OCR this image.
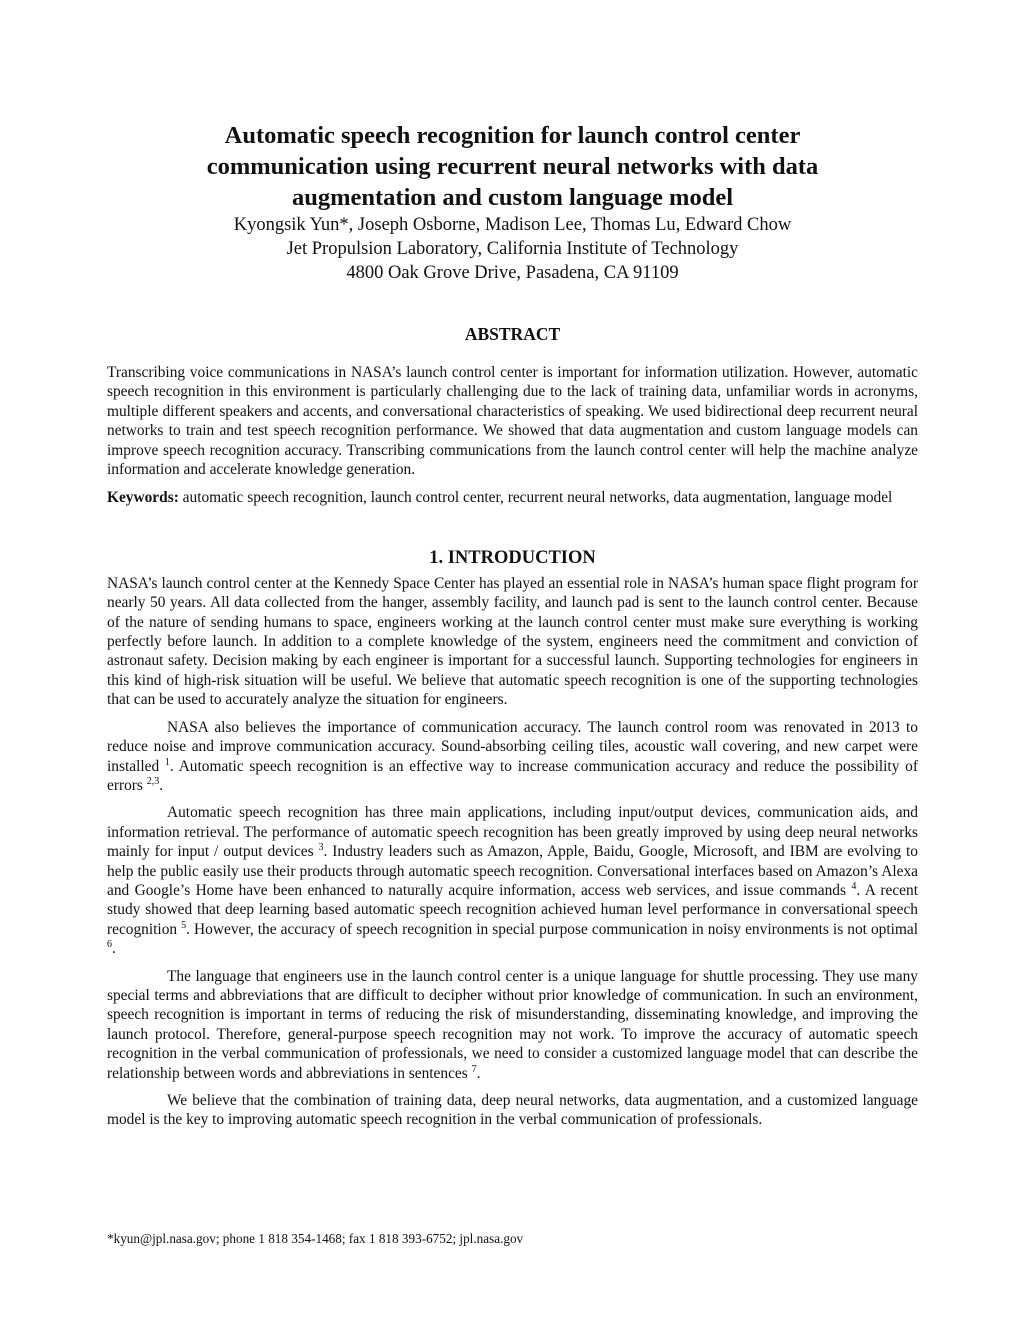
Automatic speech recognition for launch control center
communication using recurrent neural networks with data
augmentation and custom language model
Kyongsik Yun*, Joseph Osborne, Madison Lee, Thomas Lu, Edward Chow
Jet Propulsion Laboratory, California Institute of Technology
4800 Oak Grove Drive, Pasadena, CA 91109
ABSTRACT

Transcribing voice communications in NASA’s launch control center is important for information utilization. However, automatic speech recognition in this environment is particularly challenging due to the lack of training data, unfamiliar words in acronyms, multiple different speakers and accents, and conversational characteristics of speaking. We used bidirectional deep recurrent neural networks to train and test speech recognition performance. We showed that data augmentation and custom language models can improve speech recognition accuracy. Transcribing communications from the launch control center will help the machine analyze information and accelerate knowledge generation.

Keywords: automatic speech recognition, launch control center, recurrent neural networks, data augmentation, language model

1. INTRODUCTION

NASA’s launch control center at the Kennedy Space Center has played an essential role in NASA’s human space flight program for nearly 50 years. All data collected from the hanger, assembly facility, and launch pad is sent to the launch control center. Because of the nature of sending humans to space, engineers working at the launch control center must make sure everything is working perfectly before launch. In addition to a complete knowledge of the system, engineers need the commitment and conviction of astronaut safety. Decision making by each engineer is important for a successful launch. Supporting technologies for engineers in this kind of high-risk situation will be useful. We believe that automatic speech recognition is one of the supporting technologies that can be used to accurately analyze the situation for engineers.

NASA also believes the importance of communication accuracy. The launch control room was renovated in 2013 to reduce noise and improve communication accuracy. Sound-absorbing ceiling tiles, acoustic wall covering, and new carpet were installed $^1$. Automatic speech recognition is an effective way to increase communication accuracy and reduce the possibility of errors $^{2,3}$.

Automatic speech recognition has three main applications, including input/output devices, communication aids, and information retrieval. The performance of automatic speech recognition has been greatly improved by using deep neural networks mainly for input / output devices $^3$. Industry leaders such as Amazon, Apple, Baidu, Google, Microsoft, and IBM are evolving to help the public easily use their products through automatic speech recognition. Conversational interfaces based on Amazon’s Alexa and Google’s Home have been enhanced to naturally acquire information, access web services, and issue commands $^4$. A recent study showed that deep learning based automatic speech recognition achieved human level performance in conversational speech recognition $^5$. However, the accuracy of speech recognition in special purpose communication in noisy environments is not optimal $^6$.

The language that engineers use in the launch control center is a unique language for shuttle processing. They use many special terms and abbreviations that are difficult to decipher without prior knowledge of communication. In such an environment, speech recognition is important in terms of reducing the risk of misunderstanding, disseminating knowledge, and improving the launch protocol. Therefore, general-purpose speech recognition may not work. To improve the accuracy of automatic speech recognition in the verbal communication of professionals, we need to consider a customized language model that can describe the relationship between words and abbreviations in sentences $^7$.

We believe that the combination of training data, deep neural networks, data augmentation, and a customized language model is the key to improving automatic speech recognition in the verbal communication of professionals.

*kyun@jpl.nasa.gov; phone 1 818 354-1468; fax 1 818 393-6752; jpl.nasa.gov
